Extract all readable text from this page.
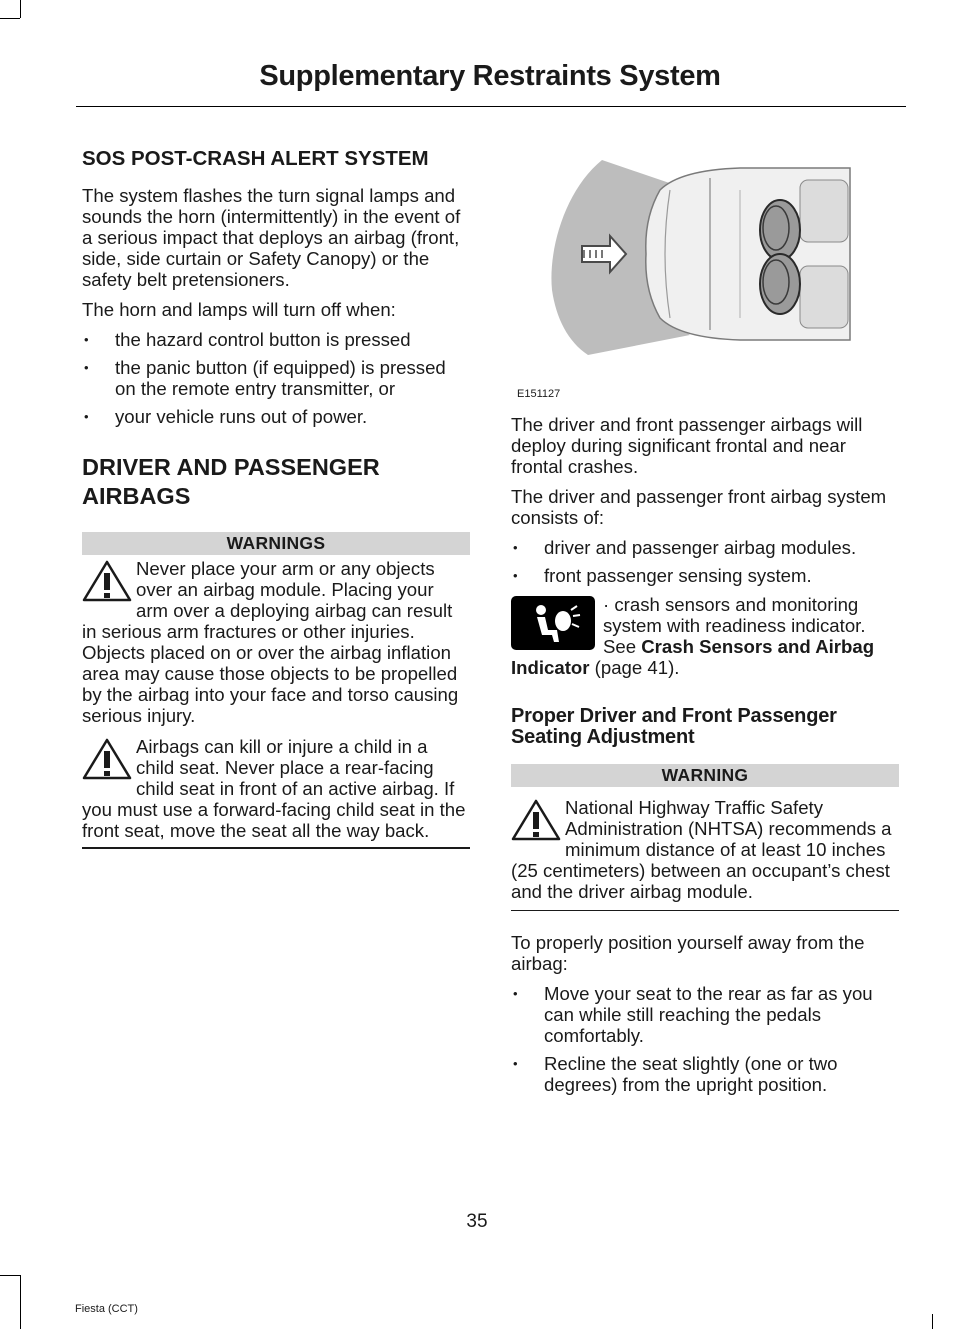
Supplementary Restraints System
SOS POST-CRASH ALERT SYSTEM

The system flashes the turn signal lamps and sounds the horn (intermittently) in the event of a serious impact that deploys an airbag (front, side, side curtain or Safety Canopy) or the safety belt pretensioners.

The horn and lamps will turn off when:

• the hazard control button is pressed
• the panic button (if equipped) is pressed on the remote entry transmitter, or
• your vehicle runs out of power.
DRIVER AND PASSENGER AIRBAGS
WARNINGS

Never place your arm or any objects over an airbag module. Placing your arm over a deploying airbag can result in serious arm fractures or other injuries. Objects placed on or over the airbag inflation area may cause those objects to be propelled by the airbag into your face and torso causing serious injury.

Airbags can kill or injure a child in a child seat. Never place a rear-facing child seat in front of an active airbag. If you must use a forward-facing child seat in the front seat, move the seat all the way back.

E151127

The driver and front passenger airbags will deploy during significant frontal and near frontal crashes.

The driver and passenger front airbag system consists of:

• driver and passenger airbag modules.
• front passenger sensing system.

· crash sensors and monitoring system with readiness indicator. See Crash Sensors and Airbag Indicator (page 41).

Proper Driver and Front Passenger Seating Adjustment
WARNING

National Highway Traffic Safety Administration (NHTSA) recommends a minimum distance of at least 10 inches (25 centimeters) between an occupant’s chest and the driver airbag module.

To properly position yourself away from the airbag:

• Move your seat to the rear as far as you can while still reaching the pedals comfortably.
• Recline the seat slightly (one or two degrees) from the upright position.
35
Fiesta (CCT)
